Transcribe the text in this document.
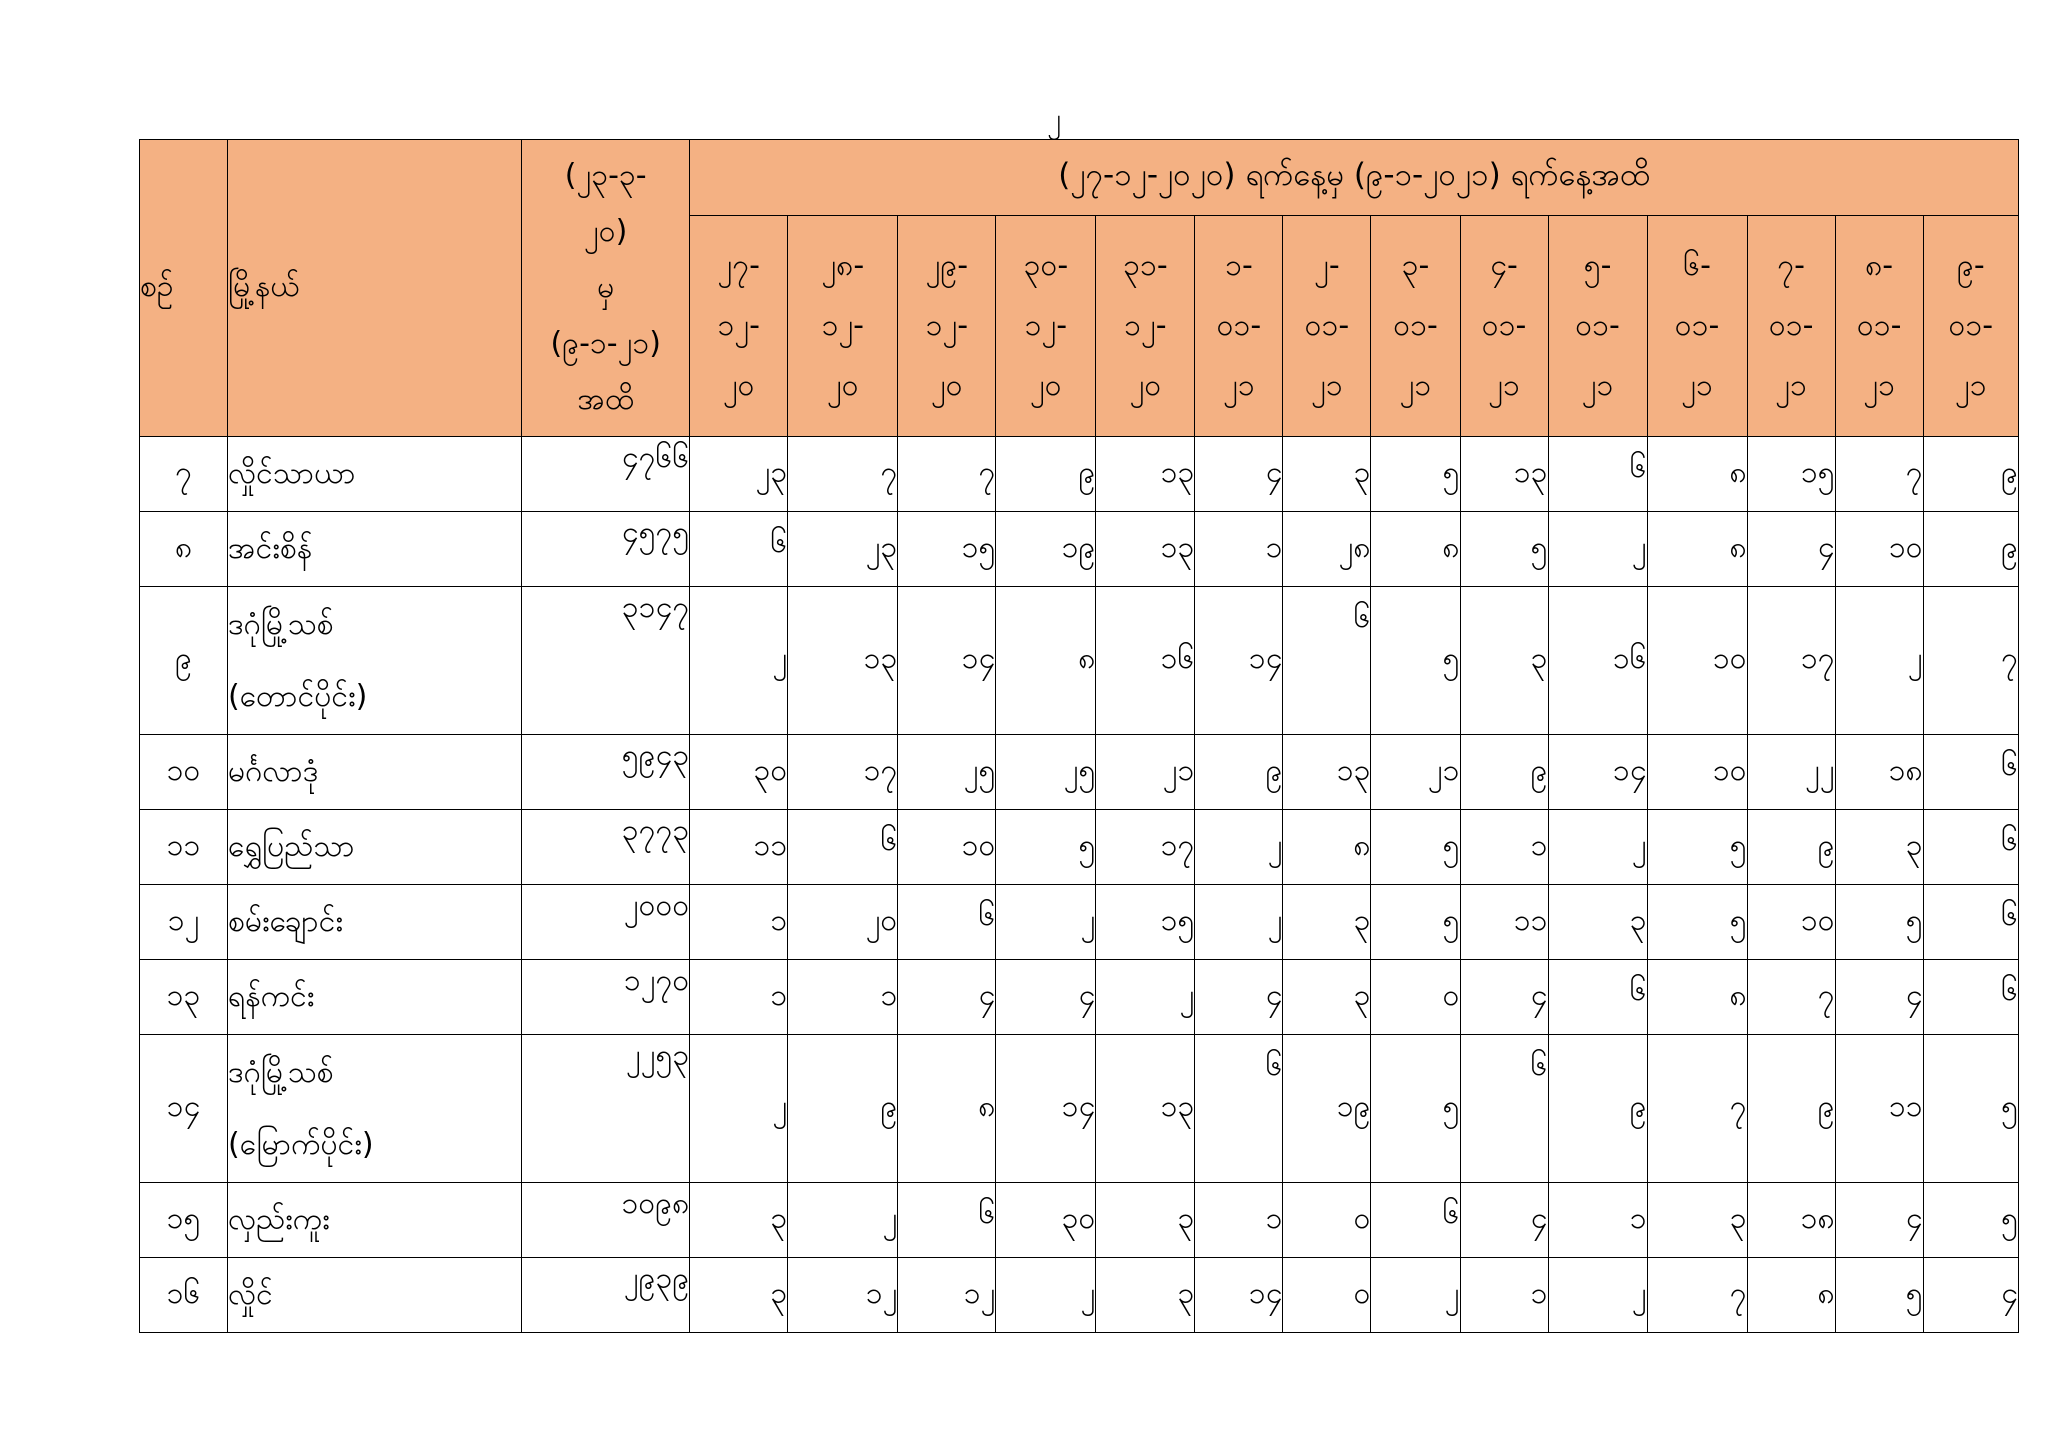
၂
စဉ်	မြို့နယ်	(၂၃-၃-
၂၀)
မှ
(၉-၁-၂၁)
အထိ	(၂၇-၁၂-၂၀၂၀) ရက်နေ့မှ (၉-၁-၂၀၂၁) ရက်နေ့အထိ													

			၂၇-
၁၂-
၂၀	၂၈-
၁၂-
၂၀	၂၉-
၁၂-
၂၀	၃၀-
၁၂-
၂၀	၃၁-
၁၂-
၂၀	၁-
၀၁-
၂၁	၂-
၀၁-
၂၁	၃-
၀၁-
၂၁	၄-
၀၁-
၂၁	၅-
၀၁-
၂၁	၆-
၀၁-
၂၁	၇-
၀၁-
၂၁	၈-
၀၁-
၂၁	၉-
၀၁-
၂၁

၇	လှိုင်သာယာ	၄၇၆၆	၂၃	၇	၇	၉	၁၃	၄	၃	၅	၁၃	၆	၈	၁၅	၇	၉
၈	အင်းစိန်	၄၅၇၅	၆	၂၃	၁၅	၁၉	၁၃	၁	၂၈	၈	၅	၂	၈	၄	၁၀	၉
၉	ဒဂုံမြို့သစ်
(တောင်ပိုင်း)	၃၁၄၇	၂	၁၃	၁၄	၈	၁၆	၁၄	၆	၅	၃	၁၆	၁၀	၁၇	၂	၇
၁၀	မင်္ဂလာဒုံ	၅၉၄၃	၃၀	၁၇	၂၅	၂၅	၂၁	၉	၁၃	၂၁	၉	၁၄	၁၀	၂၂	၁၈	၆
၁၁	ရွှေပြည်သာ	၃၇၇၃	၁၁	၆	၁၀	၅	၁၇	၂	၈	၅	၁	၂	၅	၉	၃	၆
၁၂	စမ်းချောင်း	၂၀၀၀	၁	၂၀	၆	၂	၁၅	၂	၃	၅	၁၁	၃	၅	၁၀	၅	၆
၁၃	ရန်ကင်း	၁၂၇၀	၁	၁	၄	၄	၂	၄	၃	၀	၄	၆	၈	၇	၄	၆
၁၄	ဒဂုံမြို့သစ်
(မြောက်ပိုင်း)	၂၂၅၃	၂	၉	၈	၁၄	၁၃	၆	၁၉	၅	၆	၉	၇	၉	၁၁	၅
၁၅	လှည်းကူး	၁၀၉၈	၃	၂	၆	၃၀	၃	၁	၀	၆	၄	၁	၃	၁၈	၄	၅
၁၆	လှိုင်	၂၉၃၉	၃	၁၂	၁၂	၂	၃	၁၄	၀	၂	၁	၂	၇	၈	၅	၄
